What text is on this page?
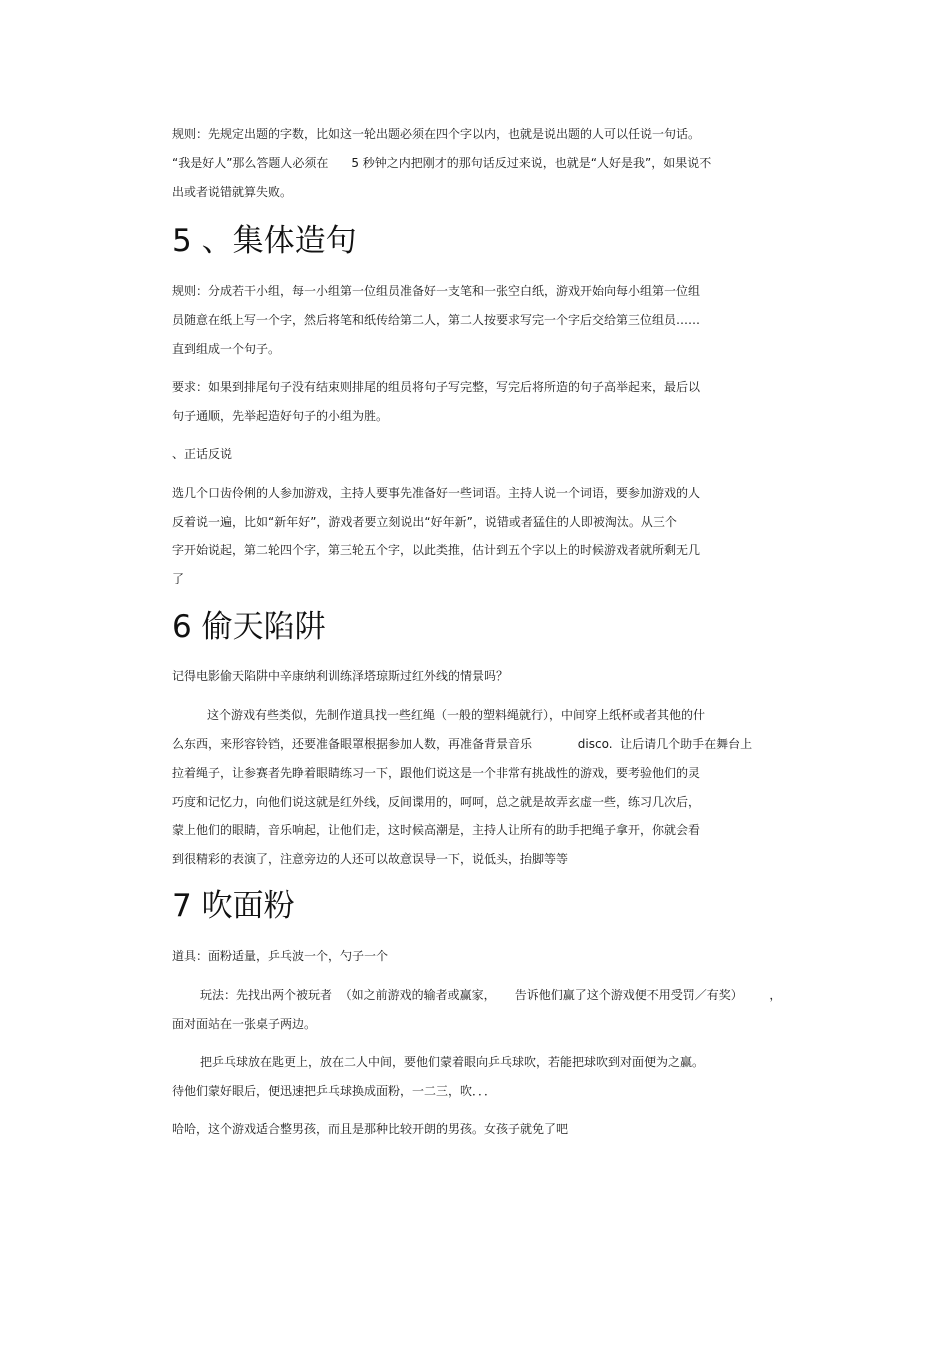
规则：先规定出题的字数，比如这一轮出题必须在四个字以内，也就是说出题的人可以任说一句话。

“我是好人”那么答题人必须在      5 秒钟之内把刚才的那句话反过来说，也就是“人好是我”，如果说不

出或者说错就算失败。

5 、集体造句

规则：分成若干小组，每一小组第一位组员准备好一支笔和一张空白纸，游戏开始向每小组第一位组

员随意在纸上写一个字，然后将笔和纸传给第二人，第二人按要求写完一个字后交给第三位组员……

直到组成一个句子。

要求：如果到排尾句子没有结束则排尾的组员将句子写完整，写完后将所造的句子高举起来，最后以

句子通顺，先举起造好句子的小组为胜。

、正话反说

选几个口齿伶俐的人参加游戏，主持人要事先准备好一些词语。主持人说一个词语，要参加游戏的人

反着说一遍，比如“新年好”，游戏者要立刻说出“好年新”，说错或者猛住的人即被淘汰。从三个

字开始说起，第二轮四个字，第三轮五个字，以此类推，估计到五个字以上的时候游戏者就所剩无几

了

6 偷天陷阱

记得电影偷天陷阱中辛康纳利训练泽塔琼斯过红外线的情景吗？

这个游戏有些类似，先制作道具找一些红绳（一般的塑料绳就行），中间穿上纸杯或者其他的什

么东西，来形容铃铛，还要准备眼罩根据参加人数，再准备背景音乐            disco.  让后请几个助手在舞台上

拉着绳子，让参赛者先睁着眼睛练习一下，跟他们说这是一个非常有挑战性的游戏，要考验他们的灵

巧度和记忆力，向他们说这就是红外线，反间谍用的，呵呵，总之就是故弄玄虚一些，练习几次后，

蒙上他们的眼睛，音乐响起，让他们走，这时候高潮是，主持人让所有的助手把绳子拿开，你就会看

到很精彩的表演了，注意旁边的人还可以故意误导一下，说低头，抬脚等等

7 吹面粉

道具：面粉适量，乒乓波一个，勺子一个

玩法：先找出两个被玩者  （如之前游戏的输者或赢家，     告诉他们赢了这个游戏便不用受罚／有奖）       ，

面对面站在一张桌子两边。

把乒乓球放在匙更上，放在二人中间，要他们蒙着眼向乒乓球吹，若能把球吹到对面便为之赢。

待他们蒙好眼后，便迅速把乒乓球换成面粉，一二三，吹．．．

哈哈，这个游戏适合整男孩，而且是那种比较开朗的男孩。女孩子就免了吧
